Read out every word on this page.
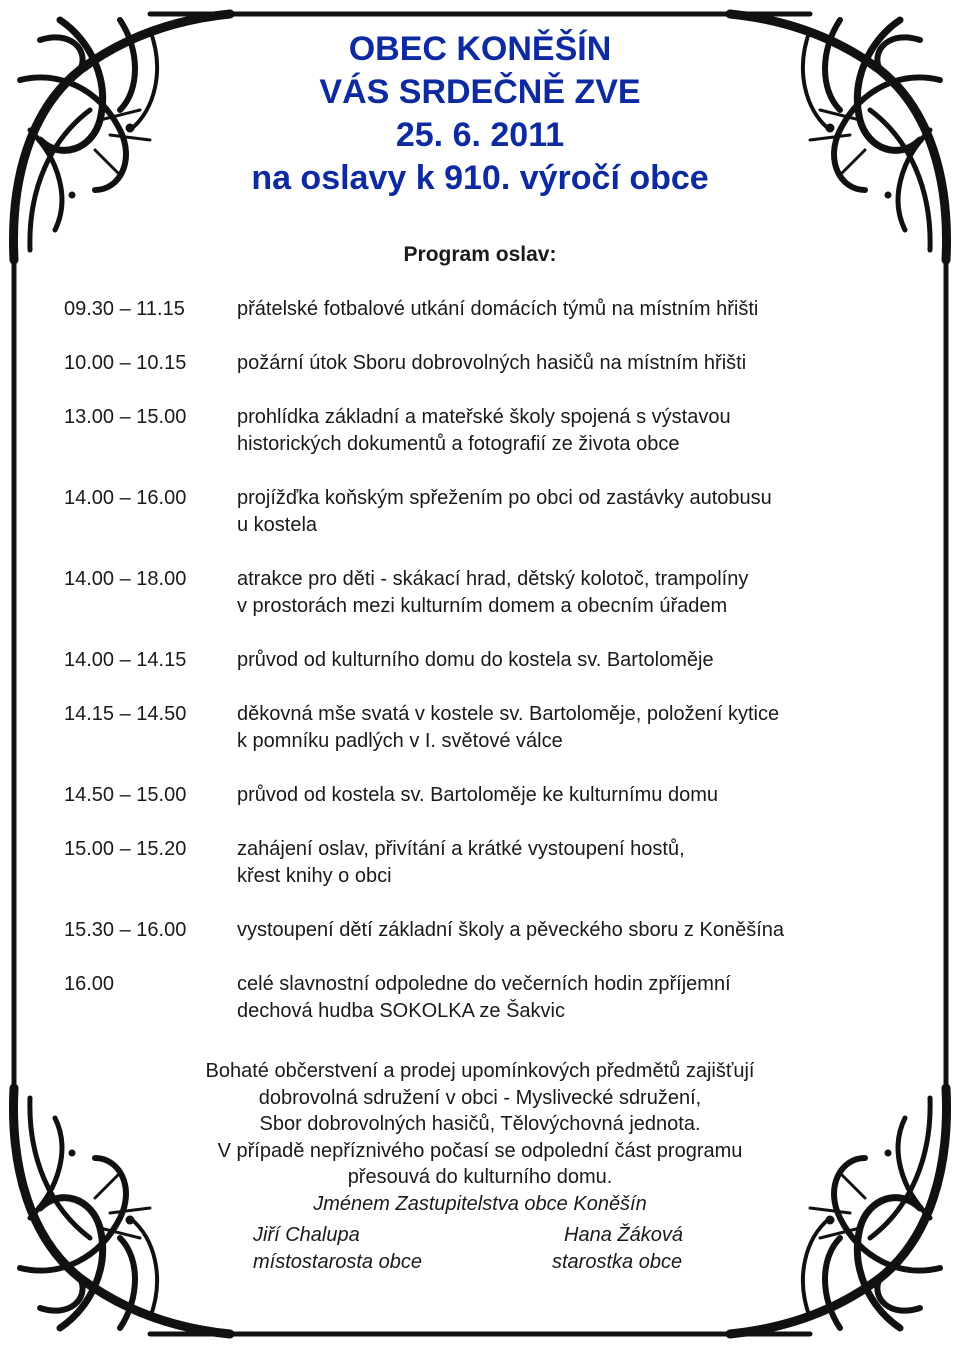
OBEC KONĚŠÍN
VÁS SRDEČNĚ ZVE
25. 6. 2011
na oslavy k 910. výročí obce
Program oslav:
09.30 – 11.15	přátelské fotbalové utkání domácích týmů na místním hřišti
10.00 – 10.15	požární útok Sboru dobrovolných hasičů na místním hřišti
13.00 – 15.00	prohlídka základní a mateřské školy spojená s výstavou
historických dokumentů a fotografií ze života obce
14.00 – 16.00	projížďka koňským spřežením po obci od zastávky autobusu
u kostela
14.00 – 18.00	atrakce pro děti - skákací hrad, dětský kolotoč, trampolíny
v prostorách mezi kulturním domem a obecním úřadem
14.00 – 14.15	průvod od kulturního domu do kostela sv. Bartoloměje
14.15 – 14.50	děkovná mše svatá v kostele sv. Bartoloměje, položení kytice
k pomníku padlých v I. světové válce
14.50 – 15.00	průvod od kostela sv. Bartoloměje ke kulturnímu domu
15.00 – 15.20	zahájení oslav, přivítání a krátké vystoupení hostů,
křest knihy o obci
15.30 – 16.00	vystoupení dětí základní školy a pěveckého sboru z Koněšína
16.00	celé slavnostní odpoledne do večerních hodin zpříjemní
dechová hudba SOKOLKA ze Šakvic
Bohaté občerstvení a prodej upomínkových předmětů zajišťují
dobrovolná sdružení v obci - Myslivecké sdružení,
Sbor dobrovolných hasičů, Tělovýchovná jednota.
V případě nepříznivého počasí se odpolední část programu
přesouvá do kulturního domu.
Jménem Zastupitelstva obce Koněšín
Jiří Chalupa
místostarosta obce
Hana Žáková
starostka obce
